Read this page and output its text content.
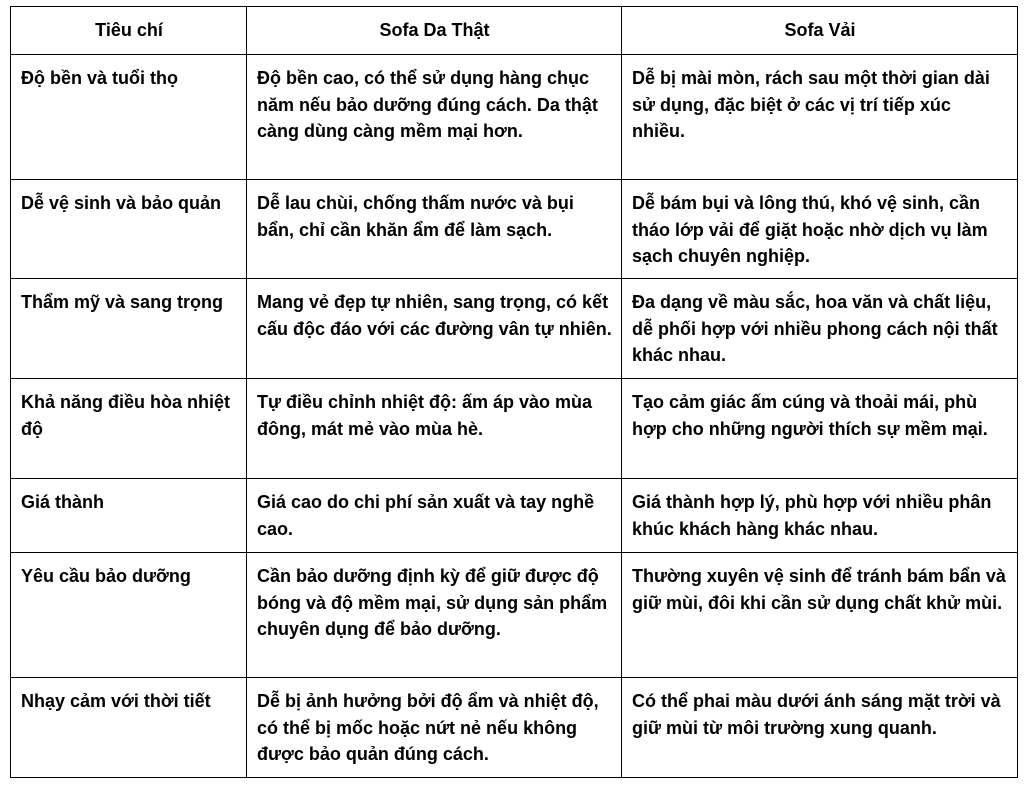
Tiêu chí	Sofa Da Thật	Sofa Vải
Độ bền và tuổi thọ	Độ bền cao, có thể sử dụng hàng chục năm nếu bảo dưỡng đúng cách. Da thật càng dùng càng mềm mại hơn.	Dễ bị mài mòn, rách sau một thời gian dài sử dụng, đặc biệt ở các vị trí tiếp xúc nhiều.
Dễ vệ sinh và bảo quản	Dễ lau chùi, chống thấm nước và bụi bẩn, chỉ cần khăn ẩm để làm sạch.	Dễ bám bụi và lông thú, khó vệ sinh, cần tháo lớp vải để giặt hoặc nhờ dịch vụ làm sạch chuyên nghiệp.
Thẩm mỹ và sang trọng	Mang vẻ đẹp tự nhiên, sang trọng, có kết cấu độc đáo với các đường vân tự nhiên.	Đa dạng về màu sắc, hoa văn và chất liệu, dễ phối hợp với nhiều phong cách nội thất khác nhau.
Khả năng điều hòa nhiệt độ	Tự điều chỉnh nhiệt độ: ấm áp vào mùa đông, mát mẻ vào mùa hè.	Tạo cảm giác ấm cúng và thoải mái, phù hợp cho những người thích sự mềm mại.
Giá thành	Giá cao do chi phí sản xuất và tay nghề cao.	Giá thành hợp lý, phù hợp với nhiều phân khúc khách hàng khác nhau.
Yêu cầu bảo dưỡng	Cần bảo dưỡng định kỳ để giữ được độ bóng và độ mềm mại, sử dụng sản phẩm chuyên dụng để bảo dưỡng.	Thường xuyên vệ sinh để tránh bám bẩn và giữ mùi, đôi khi cần sử dụng chất khử mùi.
Nhạy cảm với thời tiết	Dễ bị ảnh hưởng bởi độ ẩm và nhiệt độ, có thể bị mốc hoặc nứt nẻ nếu không được bảo quản đúng cách.	Có thể phai màu dưới ánh sáng mặt trời và giữ mùi từ môi trường xung quanh.
